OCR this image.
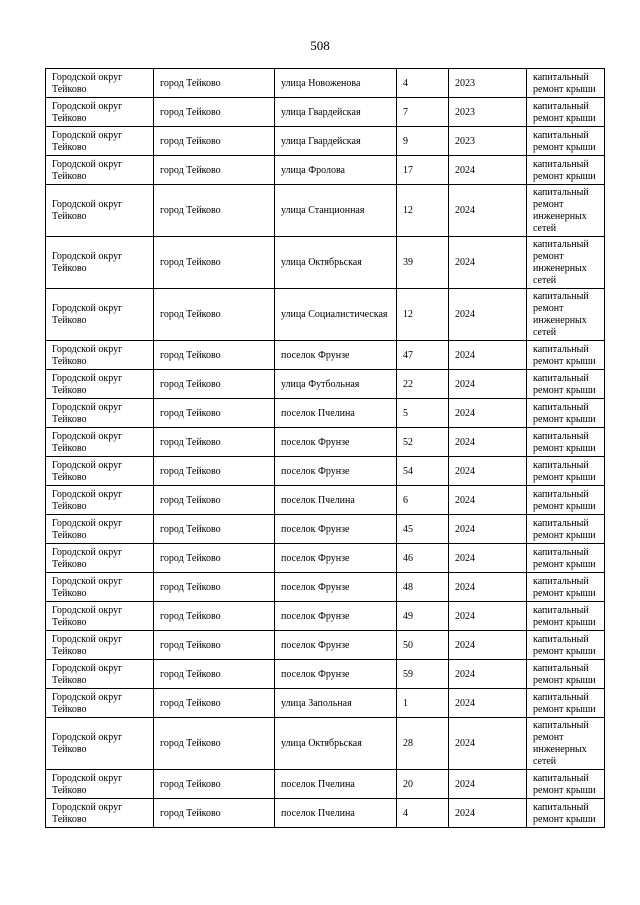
508
Городской округ Тейково	город Тейково	улица Новоженова	4	2023	капитальный ремонт крыши
Городской округ Тейково	город Тейково	улица Гвардейская	7	2023	капитальный ремонт крыши
Городской округ Тейково	город Тейково	улица Гвардейская	9	2023	капитальный ремонт крыши
Городской округ Тейково	город Тейково	улица Фролова	17	2024	капитальный ремонт крыши
Городской округ Тейково	город Тейково	улица Станционная	12	2024	капитальный ремонт инженерных сетей
Городской округ Тейково	город Тейково	улица Октябрьская	39	2024	капитальный ремонт инженерных сетей
Городской округ Тейково	город Тейково	улица Социалистическая	12	2024	капитальный ремонт инженерных сетей
Городской округ Тейково	город Тейково	поселок Фрунзе	47	2024	капитальный ремонт крыши
Городской округ Тейково	город Тейково	улица Футбольная	22	2024	капитальный ремонт крыши
Городской округ Тейково	город Тейково	поселок Пчелина	5	2024	капитальный ремонт крыши
Городской округ Тейково	город Тейково	поселок Фрунзе	52	2024	капитальный ремонт крыши
Городской округ Тейково	город Тейково	поселок Фрунзе	54	2024	капитальный ремонт крыши
Городской округ Тейково	город Тейково	поселок Пчелина	6	2024	капитальный ремонт крыши
Городской округ Тейково	город Тейково	поселок Фрунзе	45	2024	капитальный ремонт крыши
Городской округ Тейково	город Тейково	поселок Фрунзе	46	2024	капитальный ремонт крыши
Городской округ Тейково	город Тейково	поселок Фрунзе	48	2024	капитальный ремонт крыши
Городской округ Тейково	город Тейково	поселок Фрунзе	49	2024	капитальный ремонт крыши
Городской округ Тейково	город Тейково	поселок Фрунзе	50	2024	капитальный ремонт крыши
Городской округ Тейково	город Тейково	поселок Фрунзе	59	2024	капитальный ремонт крыши
Городской округ Тейково	город Тейково	улица Запольная	1	2024	капитальный ремонт крыши
Городской округ Тейково	город Тейково	улица Октябрьская	28	2024	капитальный ремонт инженерных сетей
Городской округ Тейково	город Тейково	поселок Пчелина	20	2024	капитальный ремонт крыши
Городской округ Тейково	город Тейково	поселок Пчелина	4	2024	капитальный ремонт крыши
